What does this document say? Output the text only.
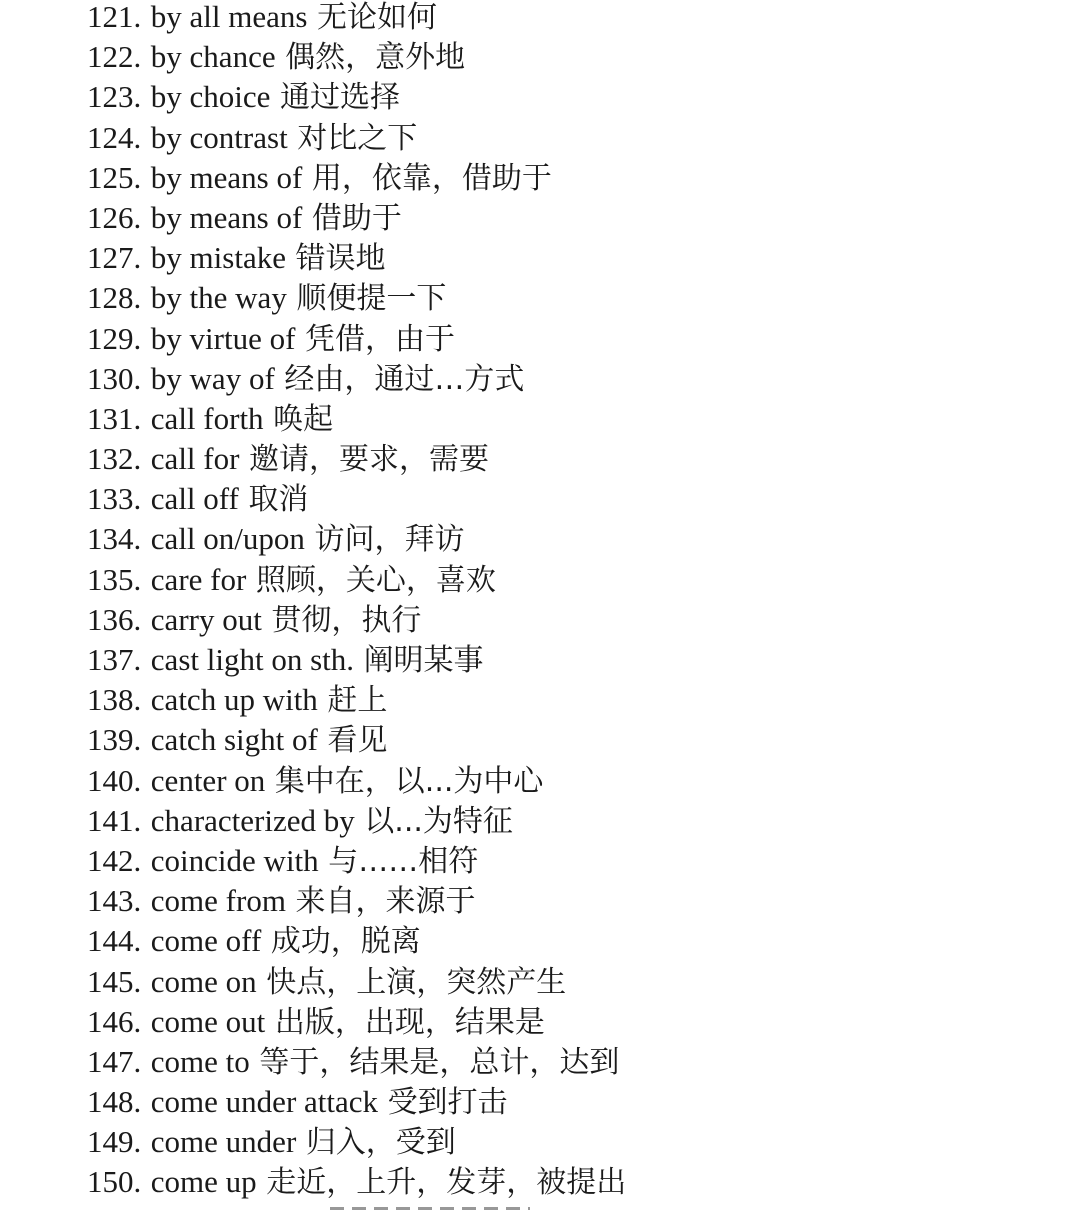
121. by all means 无论如何
122. by chance 偶然，意外地
123. by choice 通过选择
124. by contrast 对比之下
125. by means of 用，依靠，借助于
126. by means of 借助于
127. by mistake 错误地
128. by the way 顺便提一下
129. by virtue of 凭借，由于
130. by way of 经由，通过…方式
131. call forth 唤起
132. call for 邀请，要求，需要
133. call off 取消
134. call on/upon 访问，拜访
135. care for 照顾，关心，喜欢
136. carry out 贯彻，执行
137. cast light on sth. 阐明某事
138. catch up with 赶上
139. catch sight of 看见
140. center on 集中在，以...为中心
141. characterized by 以...为特征
142. coincide with 与……相符
143. come from 来自，来源于
144. come off 成功，脱离
145. come on 快点，上演，突然产生
146. come out 出版，出现，结果是
147. come to 等于，结果是，总计，达到
148. come under attack 受到打击
149. come under 归入，受到
150. come up 走近，上升，发芽，被提出
